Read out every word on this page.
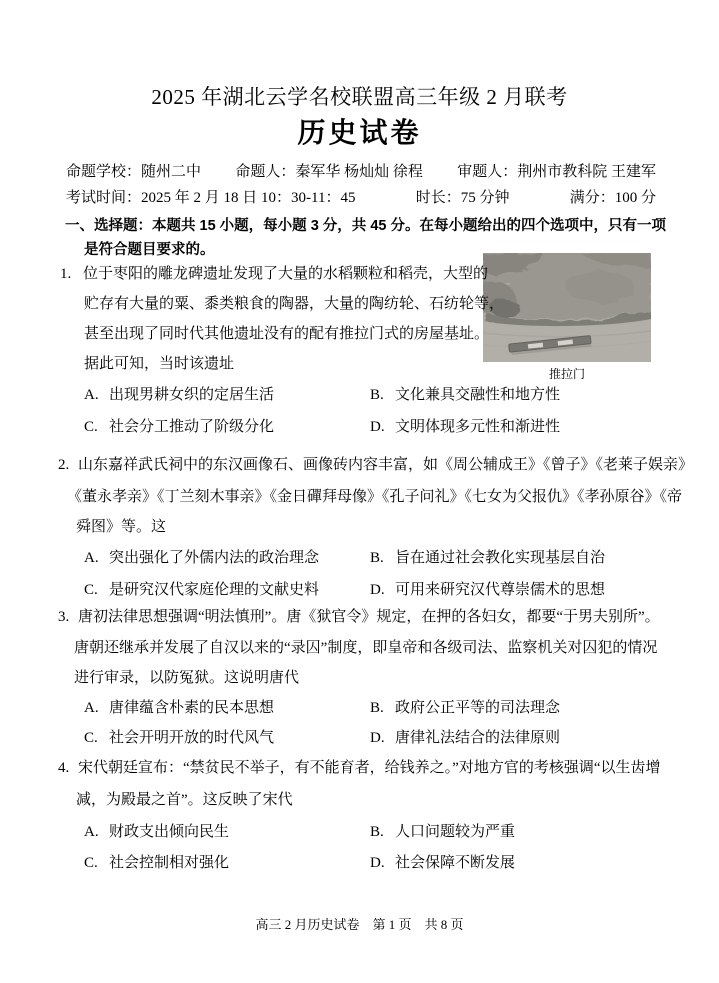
2025 年湖北云学名校联盟高三年级 2 月联考
历史试卷
命题学校：随州二中 命题人：秦军华 杨灿灿 徐程 审题人：荆州市教科院 王建军
考试时间：2025 年 2 月 18 日 10：30-11：45	时长：75 分钟	满分：100 分
一、选择题：本题共 15 小题，每小题 3 分，共 45 分。在每小题给出的四个选项中，只有一项
是符合题目要求的。
推拉门
1. 位于枣阳的雕龙碑遗址发现了大量的水稻颗粒和稻壳，大型的
贮存有大量的粟、黍类粮食的陶器，大量的陶纺轮、石纺轮等，
甚至出现了同时代其他遗址没有的配有推拉门式的房屋基址。
据此可知，当时该遗址
A. 出现男耕女织的定居生活	B. 文化兼具交融性和地方性
C. 社会分工推动了阶级分化	D. 文明体现多元性和渐进性
2. 山东嘉祥武氏祠中的东汉画像石、画像砖内容丰富，如《周公辅成王》《曾子》《老莱子娱亲》
《董永孝亲》《丁兰刻木事亲》《金日磾拜母像》《孔子问礼》《七女为父报仇》《孝孙原谷》《帝
舜图》等。这
A. 突出强化了外儒内法的政治理念	B. 旨在通过社会教化实现基层自治
C. 是研究汉代家庭伦理的文献史料	D. 可用来研究汉代尊崇儒术的思想
3. 唐初法律思想强调“明法慎刑”。唐《狱官令》规定，在押的各妇女，都要“于男夫别所”。
唐朝还继承并发展了自汉以来的“录囚”制度，即皇帝和各级司法、监察机关对囚犯的情况
进行审录，以防冤狱。这说明唐代
A. 唐律蕴含朴素的民本思想	B. 政府公正平等的司法理念
C. 社会开明开放的时代风气	D. 唐律礼法结合的法律原则
4. 宋代朝廷宣布：“禁贫民不举子，有不能育者，给钱养之。”对地方官的考核强调“以生齿增
减，为殿最之首”。这反映了宋代
A. 财政支出倾向民生	B. 人口问题较为严重
C. 社会控制相对强化	D. 社会保障不断发展
高三 2 月历史试卷　第 1 页　共 8 页
